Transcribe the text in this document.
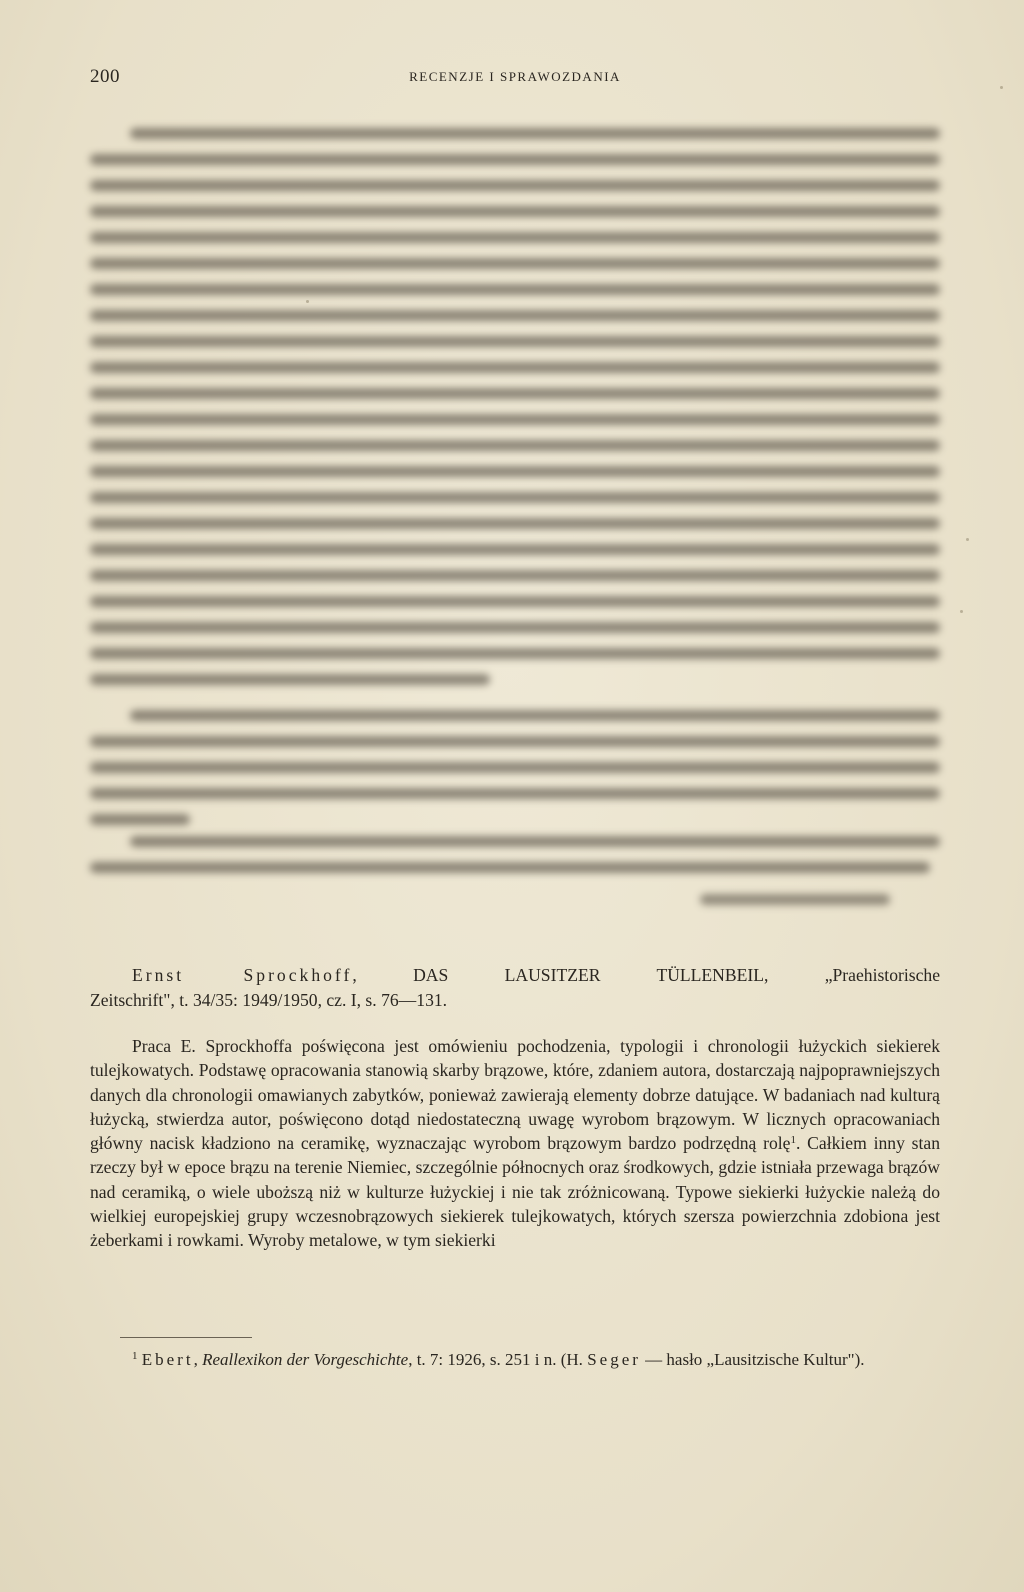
200	RECENZJE I SPRAWOZDANIA
Ernst Sprockhoff, DAS LAUSITZER TÜLLENBEIL, „Praehistorische
Zeitschrift", t. 34/35: 1949/1950, cz. I, s. 76—131.

Praca E. Sprockhoffa poświęcona jest omówieniu pochodzenia, typologii i chronologii łużyckich siekierek tulejkowatych. Podstawę opracowania stanowią skarby brązowe, które, zdaniem autora, dostarczają najpoprawniejszych danych dla chronologii omawianych zabytków, ponieważ zawierają elementy dobrze datujące. W badaniach nad kulturą łużycką, stwierdza autor, poświęcono dotąd niedostateczną uwagę wyrobom brązowym. W licznych opracowaniach główny nacisk kładziono na ceramikę, wyznaczając wyrobom brązowym bardzo podrzędną rolę$^1$. Całkiem inny stan rzeczy był w epoce brązu na terenie Niemiec, szczególnie północnych oraz środkowych, gdzie istniała przewaga brązów nad ceramiką, o wiele uboższą niż w kulturze łużyckiej i nie tak zróżnicowaną. Typowe siekierki łużyckie należą do wielkiej europejskiej grupy wczesnobrązowych siekierek tulejkowatych, których szersza powierzchnia zdobiona jest żeberkami i rowkami. Wyroby metalowe, w tym siekierki

$^1$ Ebert, Reallexikon der Vorgeschichte, t. 7: 1926, s. 251 i n. (H. Seger — hasło „Lausitzische Kultur").
